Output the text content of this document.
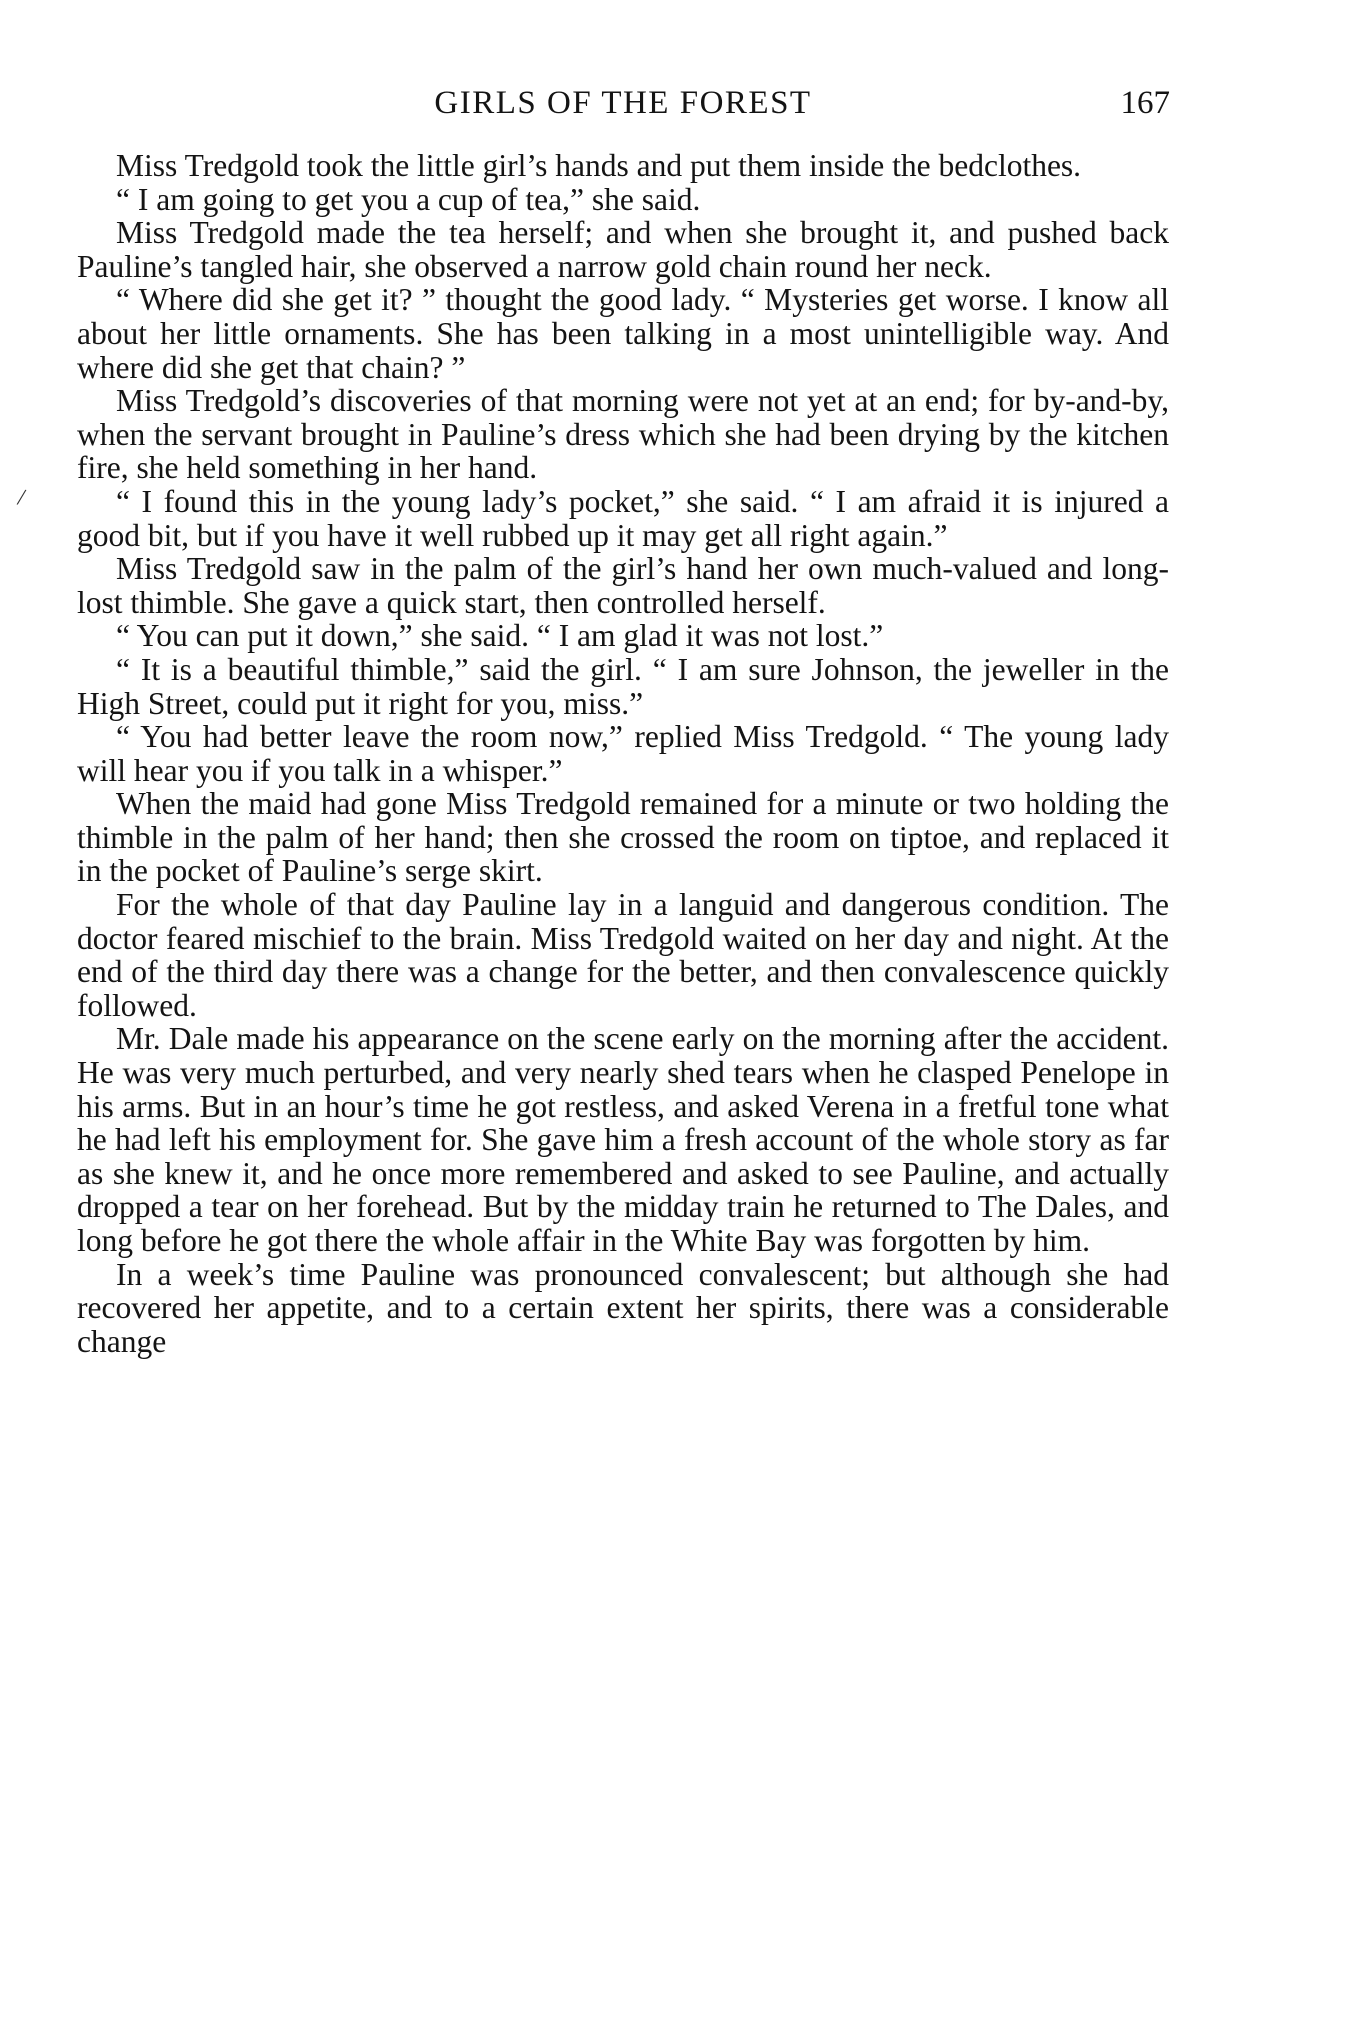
GIRLS OF THE FOREST	167
/

Miss Tredgold took the little girl’s hands and put them inside the bedclothes.

“ I am going to get you a cup of tea,” she said.

Miss Tredgold made the tea herself; and when she brought it, and pushed back Pauline’s tangled hair, she observed a narrow gold chain round her neck.

“ Where did she get it? ” thought the good lady. “ Mysteries get worse. I know all about her little ornaments. She has been talking in a most unintelligible way. And where did she get that chain? ”

Miss Tredgold’s discoveries of that morning were not yet at an end; for by-and-by, when the servant brought in Pauline’s dress which she had been drying by the kitchen fire, she held something in her hand.

“ I found this in the young lady’s pocket,” she said. “ I am afraid it is injured a good bit, but if you have it well rubbed up it may get all right again.”

Miss Tredgold saw in the palm of the girl’s hand her own much-valued and long-lost thimble. She gave a quick start, then controlled herself.

“ You can put it down,” she said. “ I am glad it was not lost.”

“ It is a beautiful thimble,” said the girl. “ I am sure Johnson, the jeweller in the High Street, could put it right for you, miss.”

“ You had better leave the room now,” replied Miss Tredgold. “ The young lady will hear you if you talk in a whisper.”

When the maid had gone Miss Tredgold remained for a minute or two holding the thimble in the palm of her hand; then she crossed the room on tiptoe, and replaced it in the pocket of Pauline’s serge skirt.

For the whole of that day Pauline lay in a languid and dangerous condition. The doctor feared mischief to the brain. Miss Tredgold waited on her day and night. At the end of the third day there was a change for the better, and then convalescence quickly followed.

Mr. Dale made his appearance on the scene early on the morning after the accident. He was very much perturbed, and very nearly shed tears when he clasped Penelope in his arms. But in an hour’s time he got restless, and asked Verena in a fretful tone what he had left his employment for. She gave him a fresh account of the whole story as far as she knew it, and he once more remembered and asked to see Pauline, and actually dropped a tear on her forehead. But by the midday train he returned to The Dales, and long before he got there the whole affair in the White Bay was forgotten by him.

In a week’s time Pauline was pronounced convalescent; but although she had recovered her appetite, and to a certain extent her spirits, there was a considerable change
